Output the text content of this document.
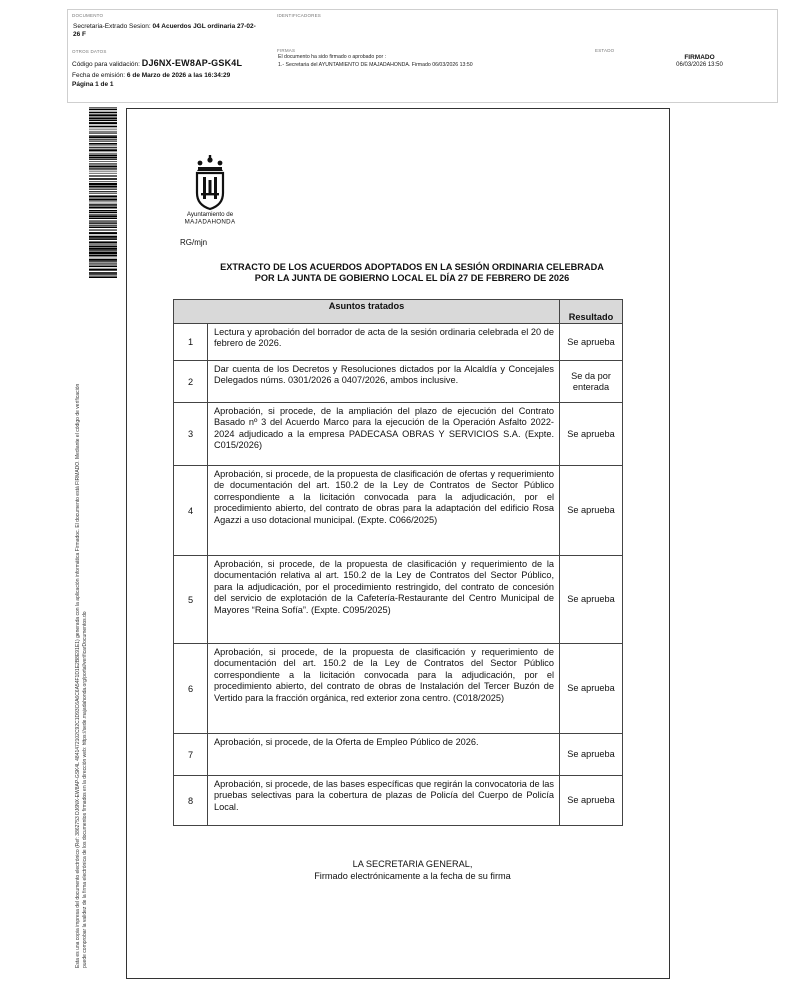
DOCUMENTO
Secretaria-Extrado Sesion: 04 Acuerdos JGL ordinaria 27-02-26 F
IDENTIFICADORES
OTROS DATOS
Código para validación: DJ6NX-EW8AP-GSK4L
Fecha de emisión: 6 de Marzo de 2026 a las 16:34:29
Página 1 de 1
FIRMAS
El documento ha sido firmado o aprobado por :
1.- Secretaria del AYUNTAMIENTO DE MAJADAHONDA. Firmado 06/03/2026 13:50
ESTADO
FIRMADO
06/03/2026 13:50
Esta es una copia impresa del documento electrónico (Ref: 3862753 DJ6NX-EW8AP-GSK4L 4841472102C92C1D93C6A6C6A54F1D1E2B8E91E1) generada con la aplicación informática Firmadoc. El documento está FIRMADO. Mediante el código de verificación puede comprobar la validez de la firma electrónica de los documentos firmados en la dirección web: https://sede.majadahonda.org/portal/verificarDocumentos.do
Ayuntamiento de
MAJADAHONDA
RG/mjn
EXTRACTO DE LOS ACUERDOS ADOPTADOS EN LA SESIÓN ORDINARIA CELEBRADA
POR LA JUNTA DE GOBIERNO LOCAL EL DÍA 27 DE FEBRERO DE 2026
Asuntos tratados		Resultado
1	Lectura y aprobación del borrador de acta de la sesión ordinaria celebrada el 20 de febrero de 2026.	Se aprueba
2	Dar cuenta de los Decretos y Resoluciones dictados por la Alcaldía y Concejales Delegados núms. 0301/2026 a 0407/2026, ambos inclusive.	Se da por enterada
3	Aprobación, si procede, de la ampliación del plazo de ejecución del Contrato Basado nº 3 del Acuerdo Marco para la ejecución de la Operación Asfalto 2022-2024 adjudicado a la empresa PADECASA OBRAS Y SERVICIOS S.A. (Expte. C015/2026)	Se aprueba
4	Aprobación, si procede, de la propuesta de clasificación de ofertas y requerimiento de documentación del art. 150.2 de la Ley de Contratos de Sector Público correspondiente a la licitación convocada para la adjudicación, por el procedimiento abierto, del contrato de obras para la adaptación del edificio Rosa Agazzi a uso dotacional municipal. (Expte. C066/2025)	Se aprueba
5	Aprobación, si procede, de la propuesta de clasificación y requerimiento de la documentación relativa al art. 150.2 de la Ley de Contratos del Sector Público, para la adjudicación, por el procedimiento restringido, del contrato de concesión del servicio de explotación de la Cafetería-Restaurante del Centro Municipal de Mayores “Reina Sofía”. (Expte. C095/2025)	Se aprueba
6	Aprobación, si procede, de la propuesta de clasificación y requerimiento de documentación del art. 150.2 de la Ley de Contratos del Sector Público correspondiente a la licitación convocada para la adjudicación, por el procedimiento abierto, del contrato de obras de Instalación del Tercer Buzón de Vertido para la fracción orgánica, red exterior zona centro. (C018/2025)	Se aprueba
7	Aprobación, si procede, de la Oferta de Empleo Público de 2026.	Se aprueba
8	Aprobación, si procede, de las bases específicas que regirán la convocatoria de las pruebas selectivas para la cobertura de plazas de Policía del Cuerpo de Policía Local.	Se aprueba
LA SECRETARIA GENERAL,
Firmado electrónicamente a la fecha de su firma
